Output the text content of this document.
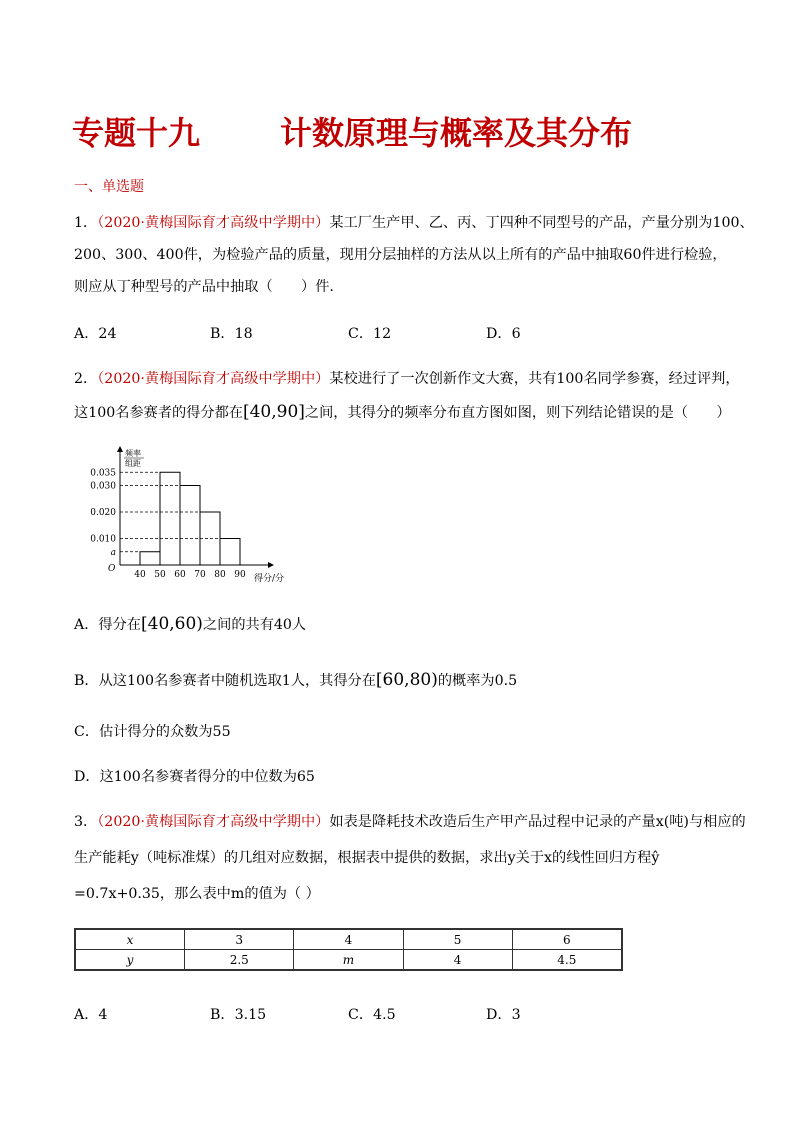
专题十九 计数原理与概率及其分布
一、单选题
1．（2020·黄梅国际育才高级中学期中）某工厂生产甲、乙、丙、丁四种不同型号的产品，产量分别为100、
200、300、400件，为检验产品的质量，现用分层抽样的方法从以上所有的产品中抽取60件进行检验，
则应从丁种型号的产品中抽取（　　）件.
A．24	B．18	C．12	D．6
2．（2020·黄梅国际育才高级中学期中）某校进行了一次创新作文大赛，共有100名同学参赛，经过评判，
这100名参赛者的得分都在[40,90]之间，其得分的频率分布直方图如图，则下列结论错误的是（　　）
a
0.010
0.020
0.030
0.035
40 50 60 70 80 90
O
得分/分
频率
组距
A．得分在[40,60)之间的共有40人
B．从这100名参赛者中随机选取1人，其得分在[60,80)的概率为0.5
C．估计得分的众数为55
D．这100名参赛者得分的中位数为65
3．（2020·黄梅国际育才高级中学期中）如表是降耗技术改造后生产甲产品过程中记录的产量x(吨)与相应的
生产能耗y（吨标准煤）的几组对应数据，根据表中提供的数据，求出y关于x的线性回归方程ŷ
=0.7x+0.35，那么表中m的值为（ ）
x	3	4	5	6
y	2.5	m	4	4.5
A．4	B．3.15	C．4.5	D．3
